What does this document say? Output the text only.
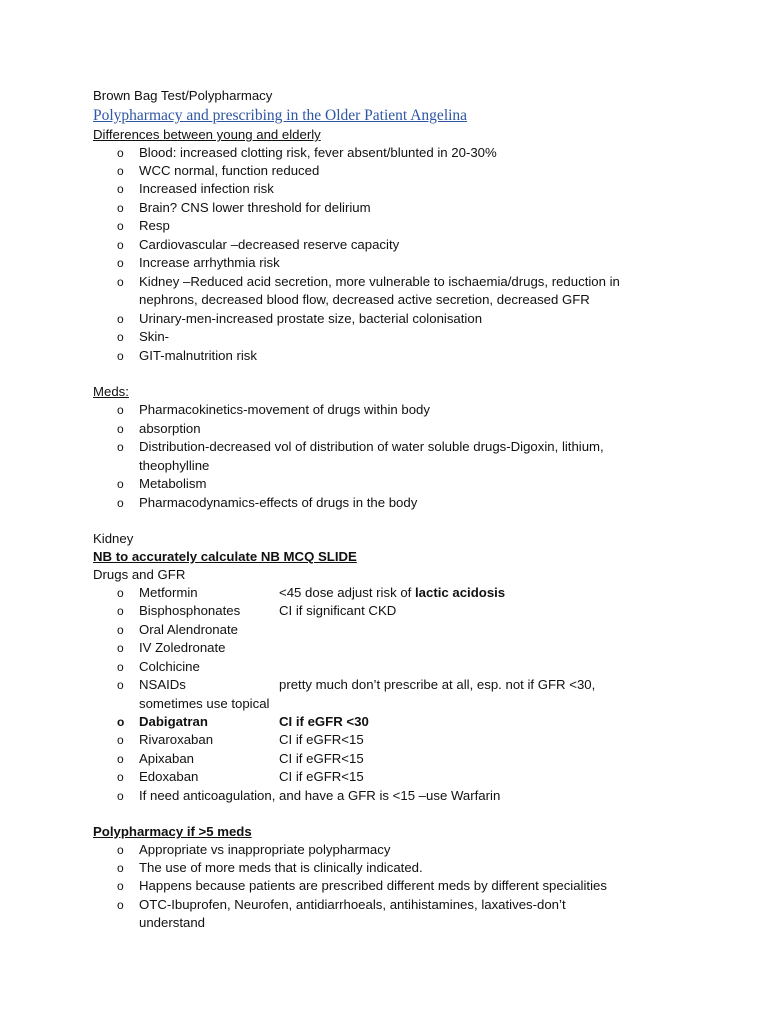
Brown Bag Test/Polypharmacy
Polypharmacy and prescribing in the Older Patient Angelina
Differences between young and elderly
o Blood: increased clotting risk, fever absent/blunted in 20-30%
o WCC normal, function reduced
o Increased infection risk
o Brain? CNS lower threshold for delirium
o Resp
o Cardiovascular –decreased reserve capacity
o Increase arrhythmia risk
o Kidney –Reduced acid secretion, more vulnerable to ischaemia/drugs, reduction in
nephrons, decreased blood flow, decreased active secretion, decreased GFR
o Urinary-men-increased prostate size, bacterial colonisation
o Skin-
o GIT-malnutrition risk
Meds:
o Pharmacokinetics-movement of drugs within body
o absorption
o Distribution-decreased vol of distribution of water soluble drugs-Digoxin, lithium,
theophylline
o Metabolism
o Pharmacodynamics-effects of drugs in the body
Kidney
NB to accurately calculate NB MCQ SLIDE
Drugs and GFR
o Metformin	<45 dose adjust risk of lactic acidosis
o Bisphosphonates	CI if significant CKD
o Oral Alendronate
o IV Zoledronate
o Colchicine
o NSAIDs	pretty much don’t prescribe at all, esp. not if GFR <30,
sometimes use topical
o Dabigatran	CI if eGFR <30
o Rivaroxaban	CI if eGFR<15
o Apixaban	CI if eGFR<15
o Edoxaban	CI if eGFR<15
o If need anticoagulation, and have a GFR is <15 –use Warfarin
Polypharmacy if >5 meds
o Appropriate vs inappropriate polypharmacy
o The use of more meds that is clinically indicated.
o Happens because patients are prescribed different meds by different specialities
o OTC-Ibuprofen, Neurofen, antidiarrhoeals, antihistamines, laxatives-don’t
understand
